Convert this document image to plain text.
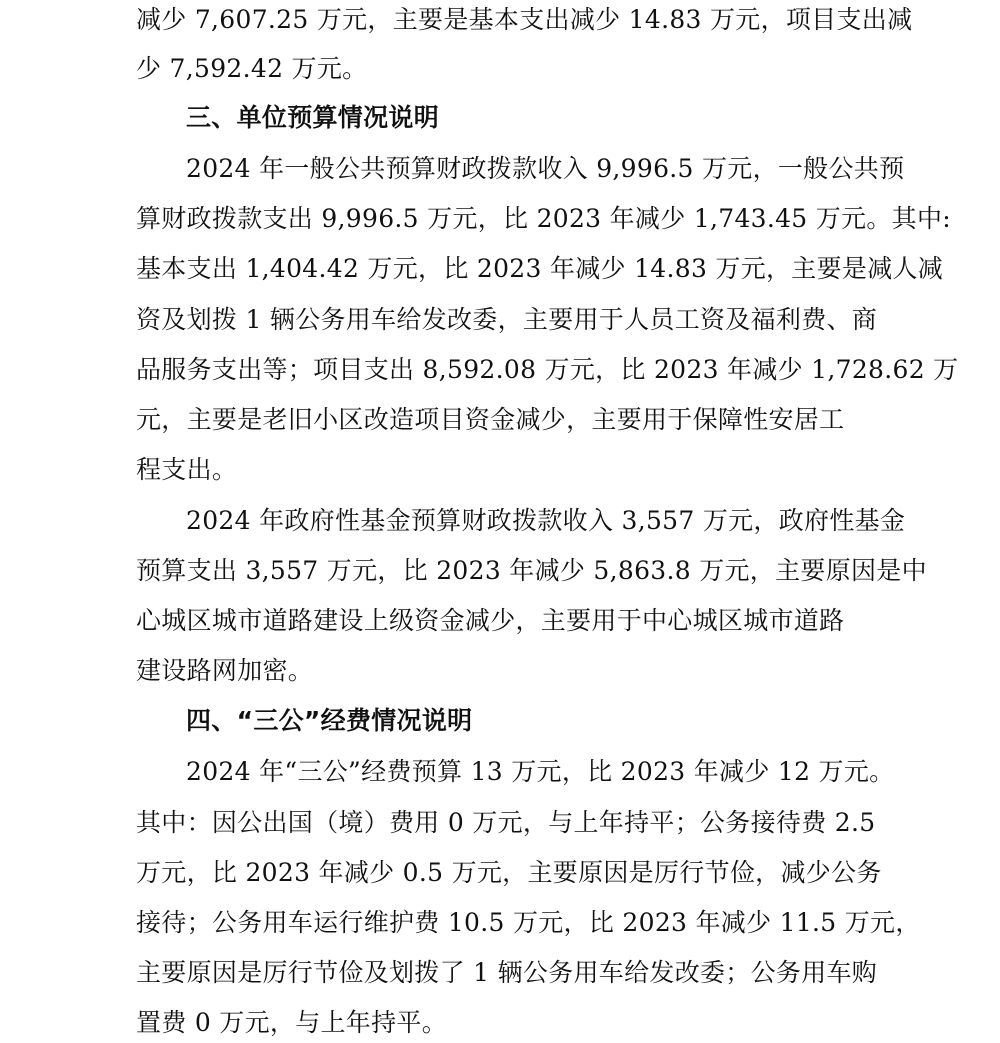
减少 7,607.25 万元，主要是基本支出减少 14.83 万元，项目支出减
少 7,592.42 万元。
三、单位预算情况说明
2024 年一般公共预算财政拨款收入 9,996.5 万元，一般公共预
算财政拨款支出 9,996.5 万元，比 2023 年减少 1,743.45 万元。其中:
基本支出 1,404.42 万元，比 2023 年减少 14.83 万元，主要是减人减
资及划拨 1 辆公务用车给发改委，主要用于人员工资及福利费、商
品服务支出等；项目支出 8,592.08 万元，比 2023 年减少 1,728.62 万
元，主要是老旧小区改造项目资金减少，主要用于保障性安居工
程支出。
2024 年政府性基金预算财政拨款收入 3,557 万元，政府性基金
预算支出 3,557 万元，比 2023 年减少 5,863.8 万元，主要原因是中
心城区城市道路建设上级资金减少，主要用于中心城区城市道路
建设路网加密。
四、“三公”经费情况说明
2024 年“三公”经费预算 13 万元，比 2023 年减少 12 万元。
其中：因公出国（境）费用 0 万元，与上年持平；公务接待费 2.5
万元，比 2023 年减少 0.5 万元，主要原因是厉行节俭，减少公务
接待；公务用车运行维护费 10.5 万元，比 2023 年减少 11.5 万元，
主要原因是厉行节俭及划拨了 1 辆公务用车给发改委；公务用车购
置费 0 万元，与上年持平。
